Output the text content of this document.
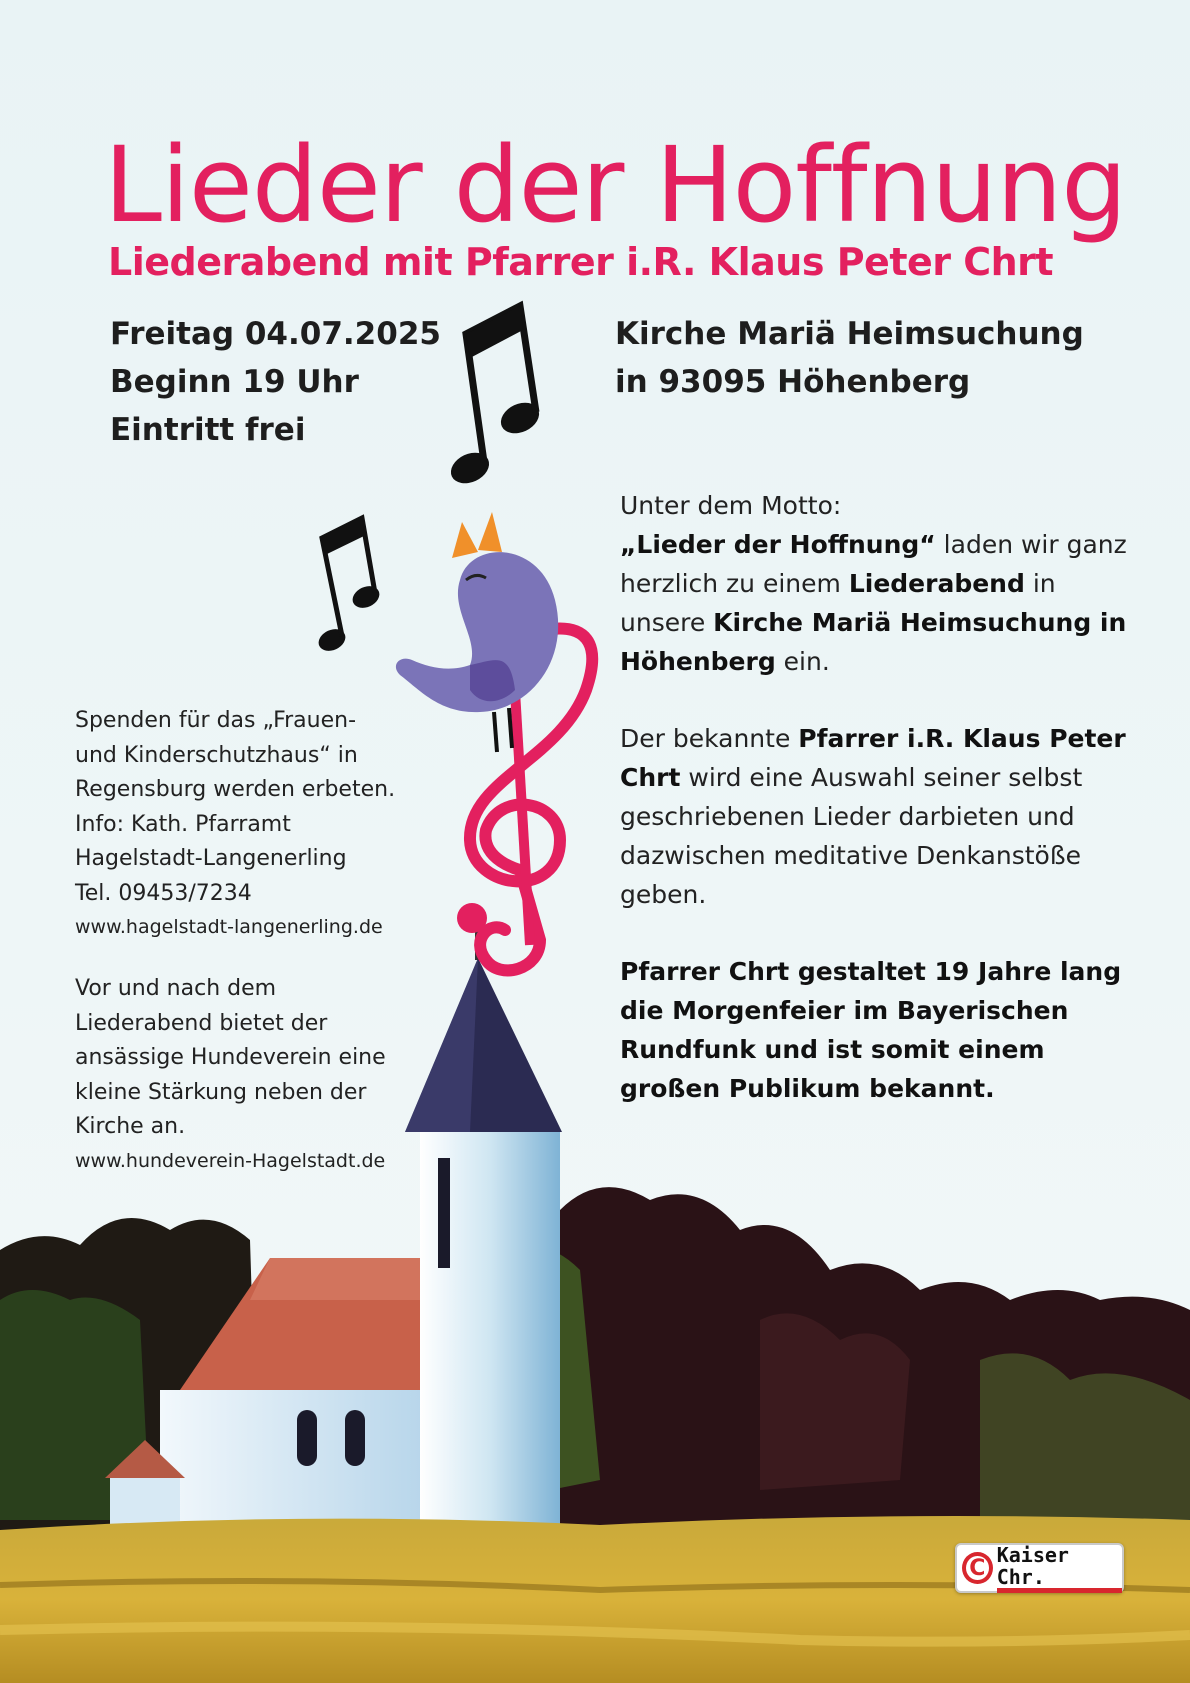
Lieder der Hoffnung
Liederabend mit Pfarrer i.R. Klaus Peter Chrt
Freitag 04.07.2025
Beginn 19 Uhr
Eintritt frei
Kirche Mariä Heimsuchung
in 93095 Höhenberg

Unter dem Motto:
„Lieder der Hoffnung“ laden wir ganz herzlich zu einem Liederabend in unsere Kirche Mariä Heimsuchung in Höhenberg ein.

Der bekannte Pfarrer i.R. Klaus Peter Chrt wird eine Auswahl seiner selbst geschriebenen Lieder darbieten und dazwischen meditative Denkanstöße geben.

Pfarrer Chrt gestaltet 19 Jahre lang die Morgenfeier im Bayerischen Rundfunk und ist somit einem großen Publikum bekannt.

Spenden für das „Frauen-
und Kinderschutzhaus“ in
Regensburg werden erbeten.
Info: Kath. Pfarramt
Hagelstadt-Langenerling
Tel. 09453/7234
www.hagelstadt-langenerling.de
Vor und nach dem
Liederabend bietet der
ansässige Hundeverein eine
kleine Stärkung neben der
Kirche an.
www.hundeverein-Hagelstadt.de
C
Kaiser Chr.
